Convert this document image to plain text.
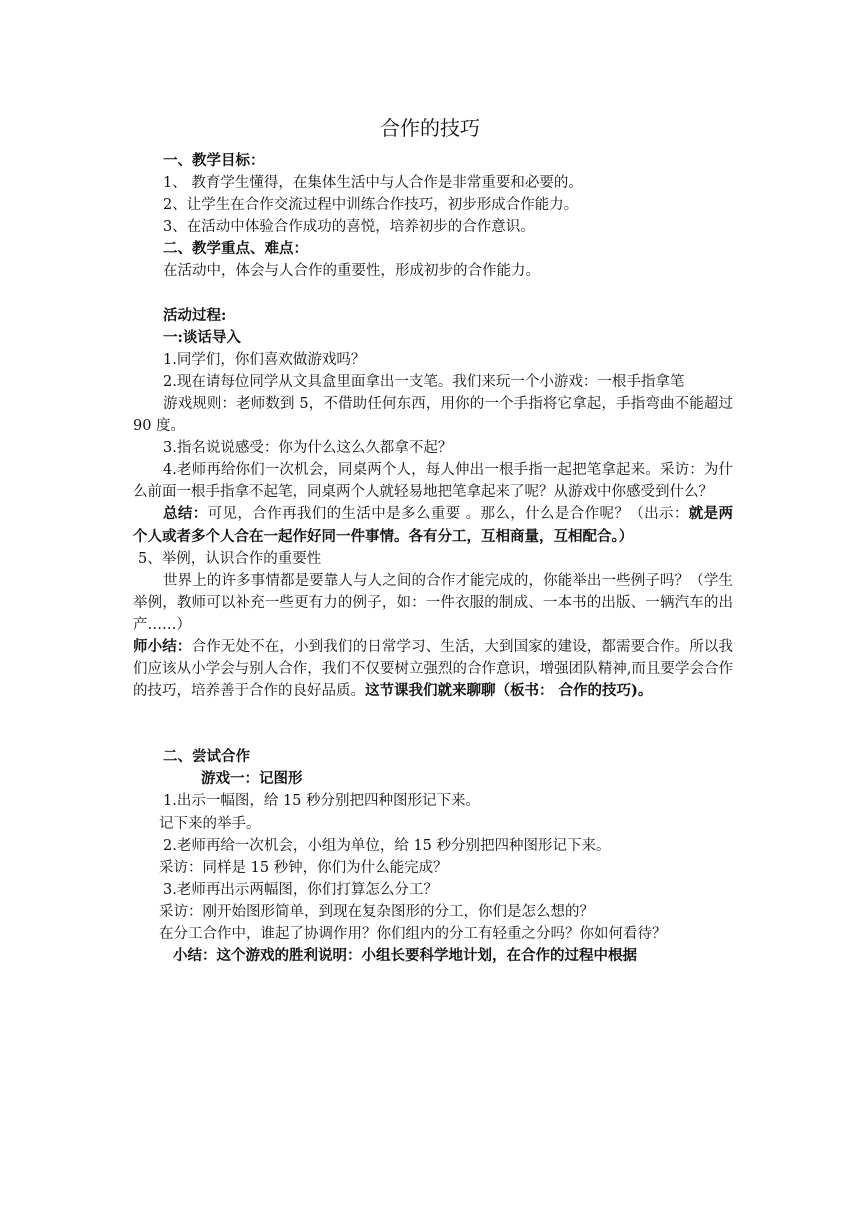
合作的技巧

一、教学目标：

1、 教育学生懂得，在集体生活中与人合作是非常重要和必要的。

2、让学生在合作交流过程中训练合作技巧，初步形成合作能力。

3、在活动中体验合作成功的喜悦，培养初步的合作意识。

二、教学重点、难点：

在活动中，体会与人合作的重要性，形成初步的合作能力。

活动过程:

一:谈话导入

1.同学们，你们喜欢做游戏吗？

2.现在请每位同学从文具盒里面拿出一支笔。我们来玩一个小游戏：一根手指拿笔

游戏规则：老师数到 5，不借助任何东西，用你的一个手指将它拿起，手指弯曲不能超过 90 度。

3.指名说说感受：你为什么这么久都拿不起？

4.老师再给你们一次机会，同桌两个人，每人伸出一根手指一起把笔拿起来。采访：为什么前面一根手指拿不起笔，同桌两个人就轻易地把笔拿起来了呢？从游戏中你感受到什么？

总结：可见，合作再我们的生活中是多么重要 。那么，什么是合作呢？（出示：就是两个人或者多个人合在一起作好同一件事情。各有分工，互相商量，互相配合。）

5、举例，认识合作的重要性

世界上的许多事情都是要靠人与人之间的合作才能完成的，你能举出一些例子吗？（学生举例，教师可以补充一些更有力的例子，如：一件衣服的制成、一本书的出版、一辆汽车的出产……）

师小结：合作无处不在，小到我们的日常学习、生活，大到国家的建设，都需要合作。所以我们应该从小学会与别人合作，我们不仅要树立强烈的合作意识，增强团队精神,而且要学会合作的技巧，培养善于合作的良好品质。这节课我们就来聊聊（板书： 合作的技巧)。

二、尝试合作

游戏一：记图形

1.出示一幅图，给 15 秒分别把四种图形记下来。

记下来的举手。

2.老师再给一次机会，小组为单位，给 15 秒分别把四种图形记下来。

采访：同样是 15 秒钟，你们为什么能完成？

3.老师再出示两幅图，你们打算怎么分工？

采访：刚开始图形简单，到现在复杂图形的分工，你们是怎么想的？

在分工合作中，谁起了协调作用？你们组内的分工有轻重之分吗？你如何看待？

小结：这个游戏的胜利说明：小组长要科学地计划，在合作的过程中根据
